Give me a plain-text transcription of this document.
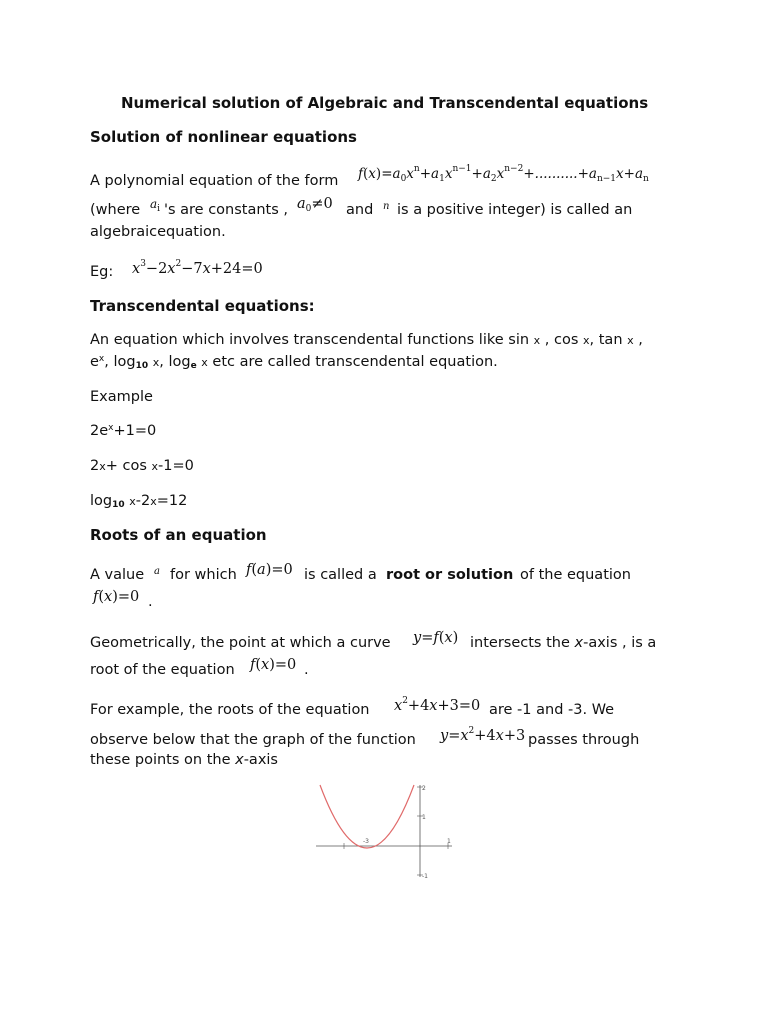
Numerical solution of Algebraic and Transcendental equations
Solution of nonlinear equations
A polynomial equation of the form $f(x)=a_0x^n+a_1x^{n-1}+a_2x^{n-2}+..........+a_{n-1}x+a_n$
(where $a_i$ 's are constants , $a_0\ne 0$ and n is a positive integer) is called an
algebraicequation.
Eg: $x^3-2x^2-7x+24=0$
Transcendental equations:
An equation which involves transcendental functions like sin x , cos x, tan x ,
$e^x$, $\log_{10} x$, $\log_e x$ etc are called transcendental equation.
Example
$2e^x+1=0$
2x+ cos x-1=0
$\log_{10} x-2x=12$
Roots of an equation
A value a for which f(a)=0 is called a root or solution of the equation
f(x)=0 .
Geometrically, the point at which a curve y=f(x) intersects the x-axis , is a
root of the equation f(x)=0 .
For example, the roots of the equation $x^2+4x+3=0$ are -1 and -3. We
observe below that the graph of the function $y=x^2+4x+3$ passes through
these points on the x-axis
-3	1
1
2
-1
